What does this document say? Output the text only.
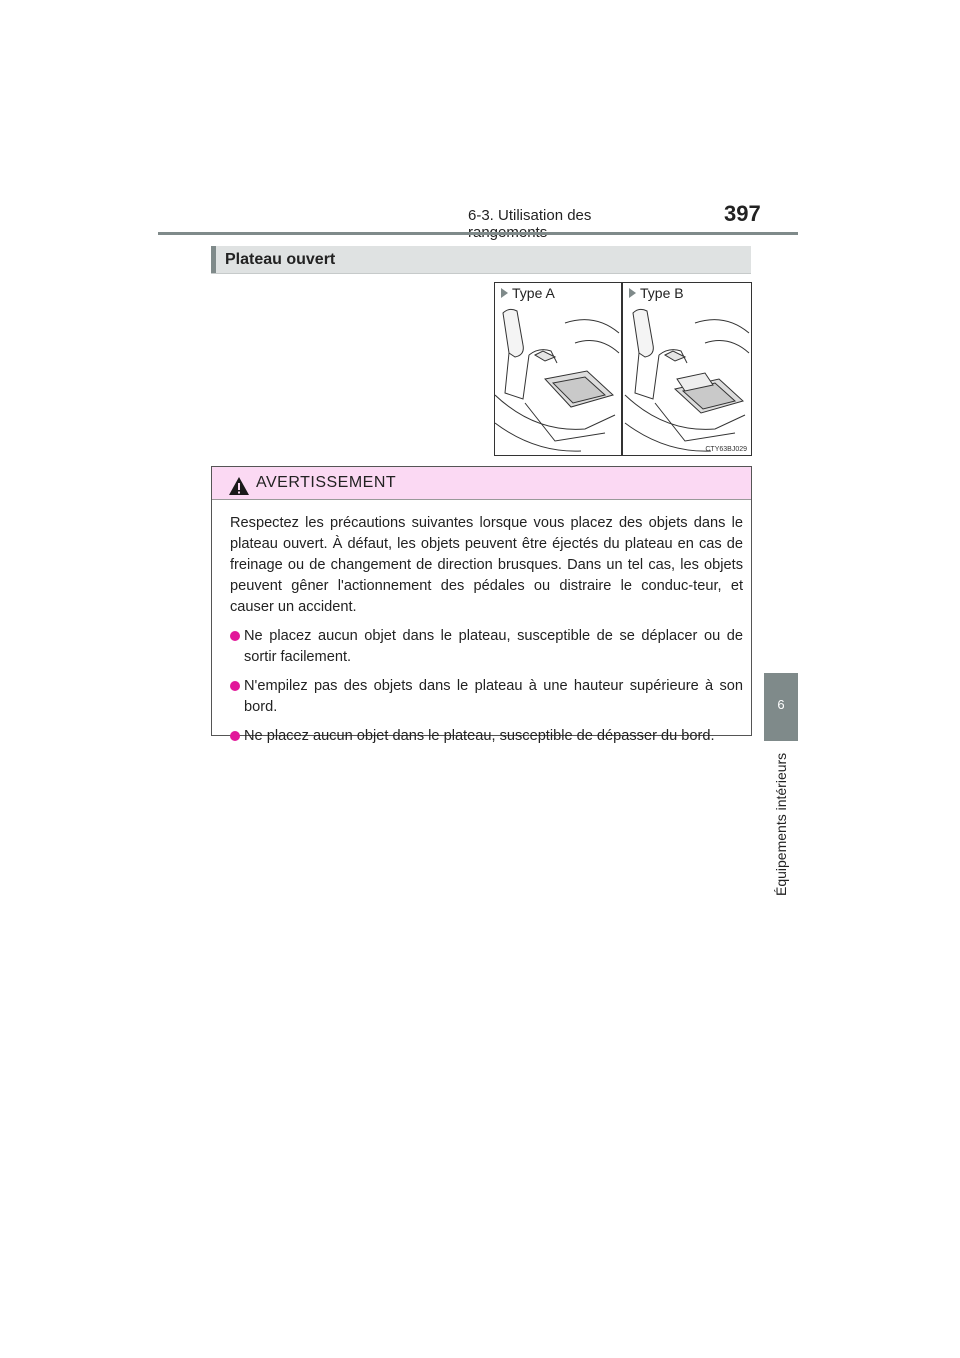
6-3. Utilisation des	397
6
Équipements intérieurs
Plateau ouvert
Type A	Type B
CTY63BJ029
AVERTISSEMENT

Respectez les précautions suivantes lorsque vous placez des objets dans le plateau ouvert. À défaut, les objets peuvent être éjectés du plateau en cas de freinage ou de changement de direction brusques. Dans un tel cas, les objets peuvent gêner l'actionnement des pédales ou distraire le conduc-teur, et causer un accident.

Ne placez aucun objet dans le plateau, susceptible de se déplacer ou de sortir facilement.
N'empilez pas des objets dans le plateau à une hauteur supérieure à son bord.
Ne placez aucun objet dans le plateau, susceptible de dépasser du bord.
